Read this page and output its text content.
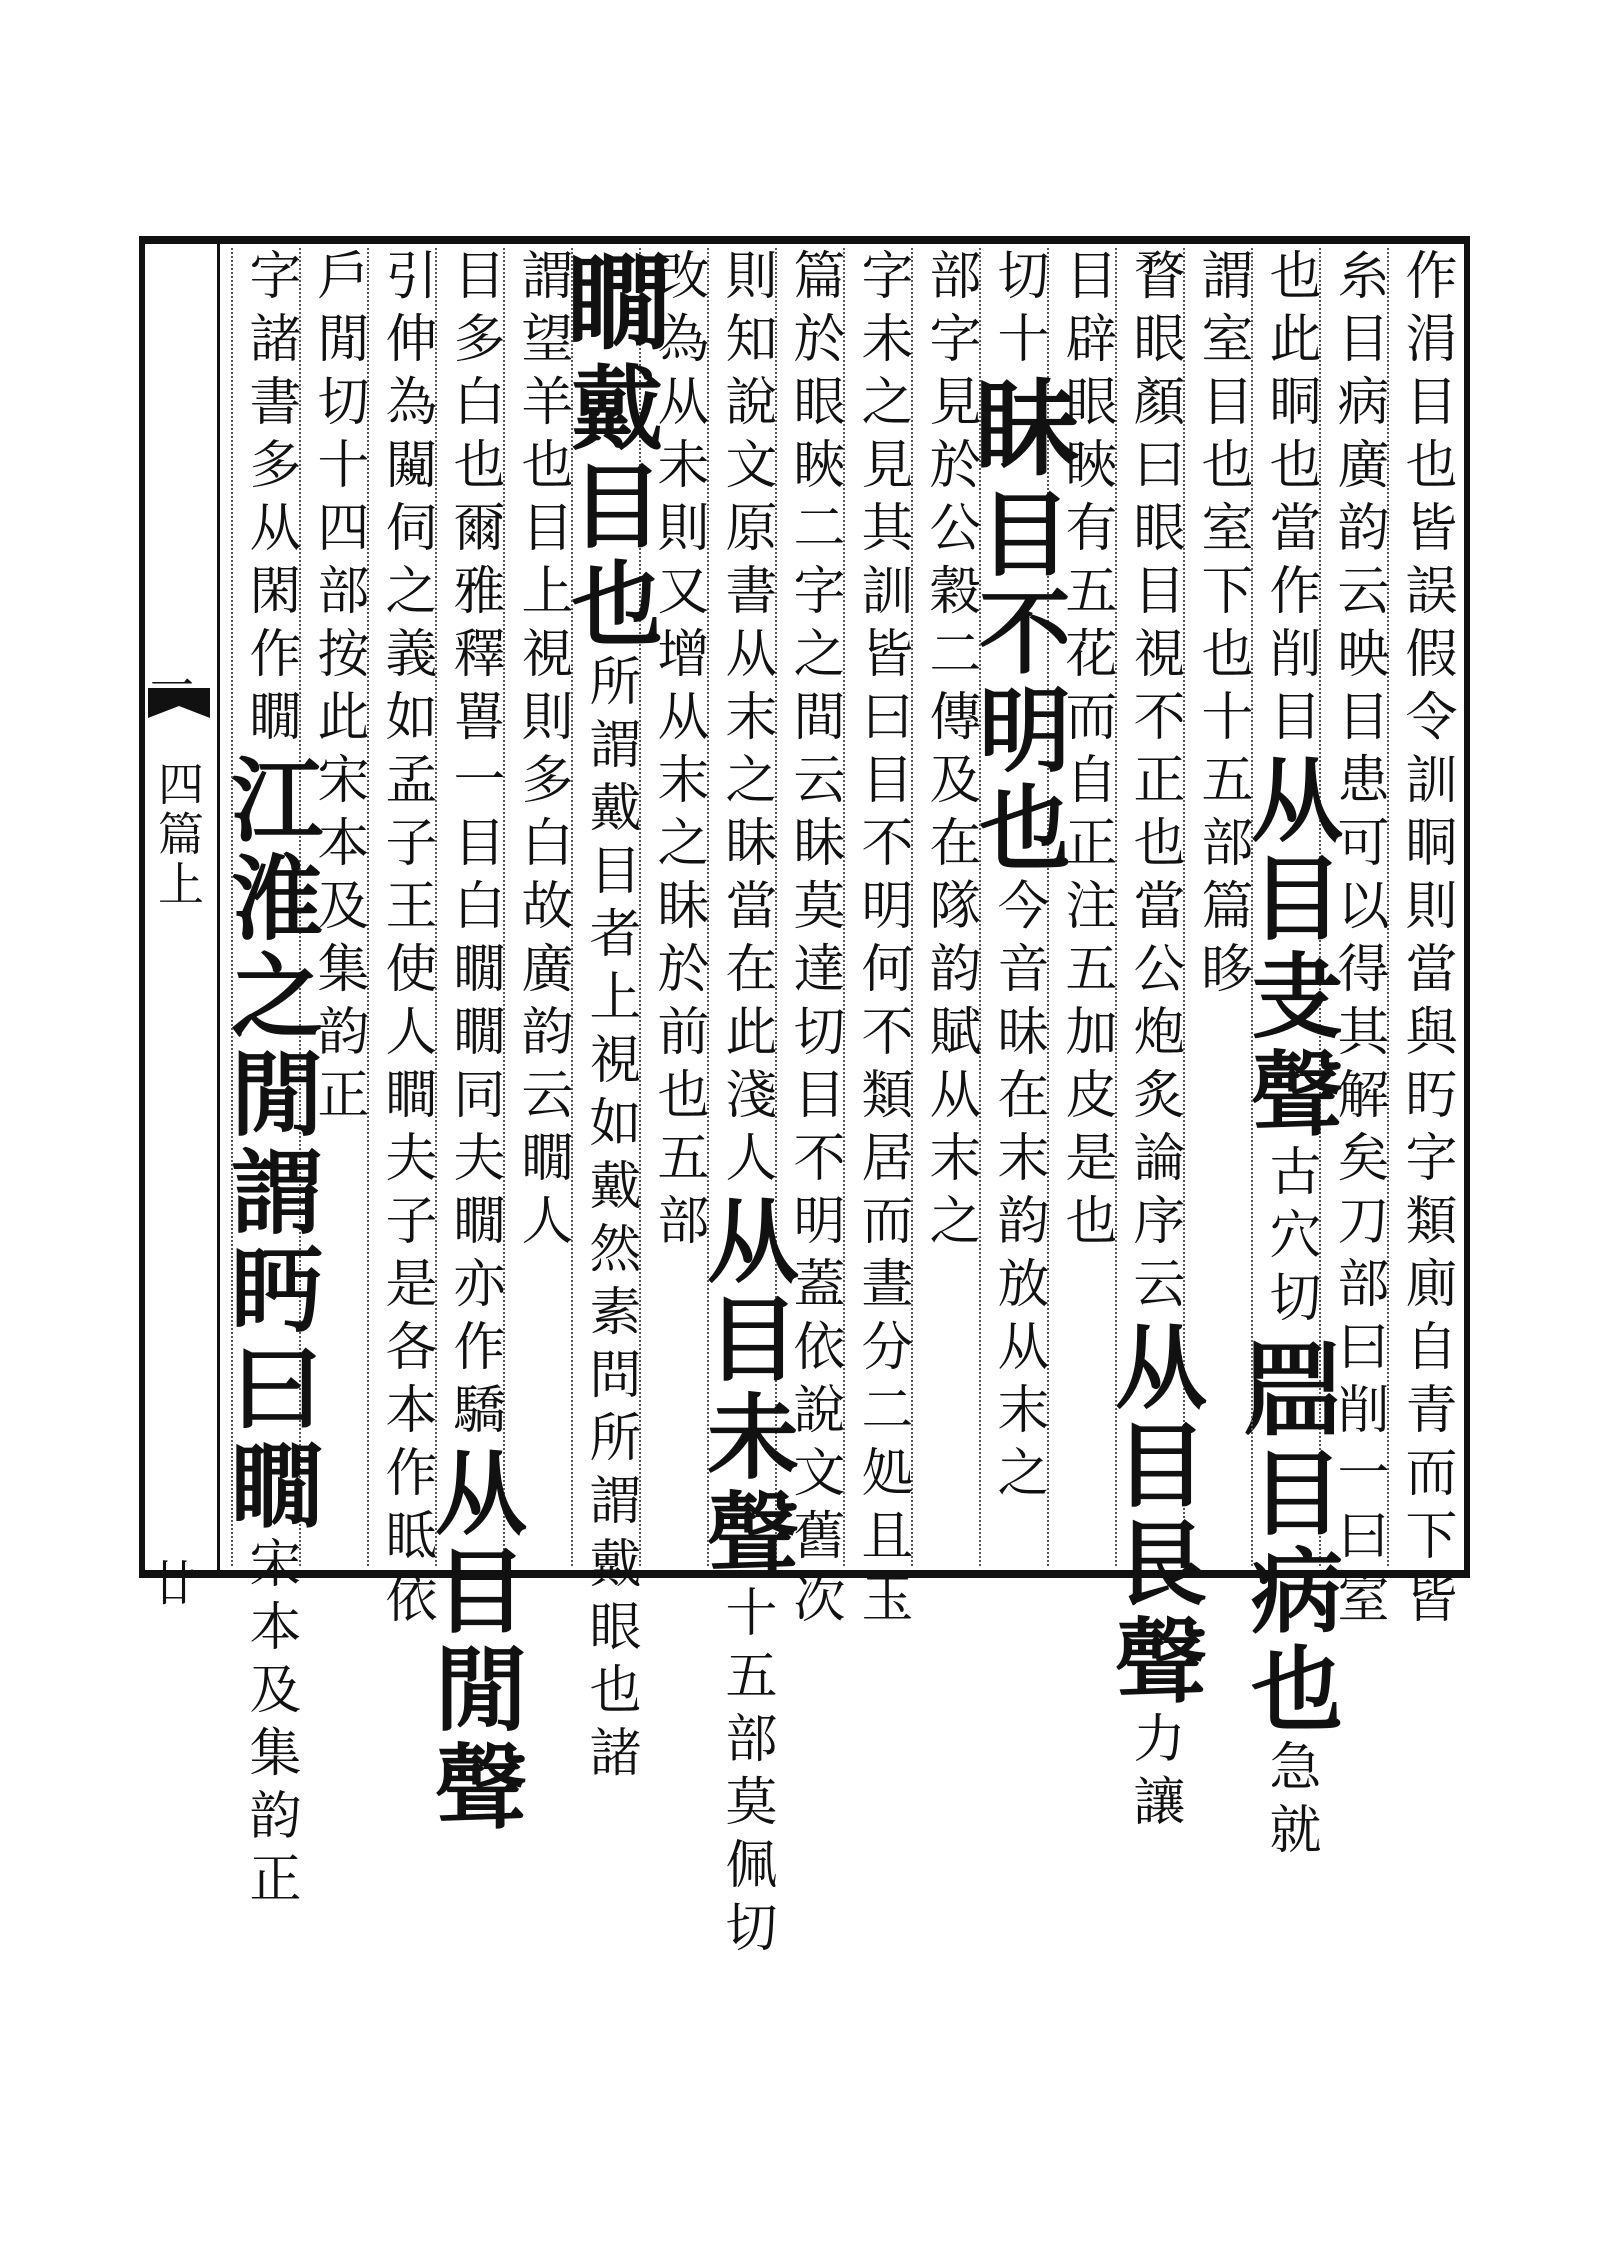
一
四篇上
廿	作涓目也皆誤假令訓眮則當與䀎字類廁自青而下皆
糸目病廣韵云映目患可以得其解矣刀部曰削一曰室
也此眮也當作削目从目叏聲古穴切𥆞目病也急就
謂室目也室下也十五部篇眵
瞀眼顏曰眼目視不正也當公炮炙論序云从目艮聲力讓
目辟眼䀹有五花而自正注五加皮是也
切十眛目不明也今音昧在末韵放从末之
部字見於公穀二傳及在隊韵賦从末之
字未之見其訓皆曰目不明何不類居而晝分二処且玉
篇於眼䀹二字之間云眛莫達切目不明蓋依說文舊次
則知說文原書从末之眛當在此淺人从目未聲十五部莫佩切
改為从未則又增从末之眛於前也五部
瞯戴目也所謂戴目者上視如戴然素問所謂戴眼也諸
謂望羊也目上視則多白故廣韵云瞯人
目多白也爾雅釋嘼一目白瞯瞯同夫瞯亦作驕从目閒聲
引伸為闚伺之義如孟子王使人瞷夫子是各本作眡依
戶閒切十四部按此宋本及集韵正
字諸書多从閑作瞯江淮之閒謂眄曰瞯宋本及集韵正
